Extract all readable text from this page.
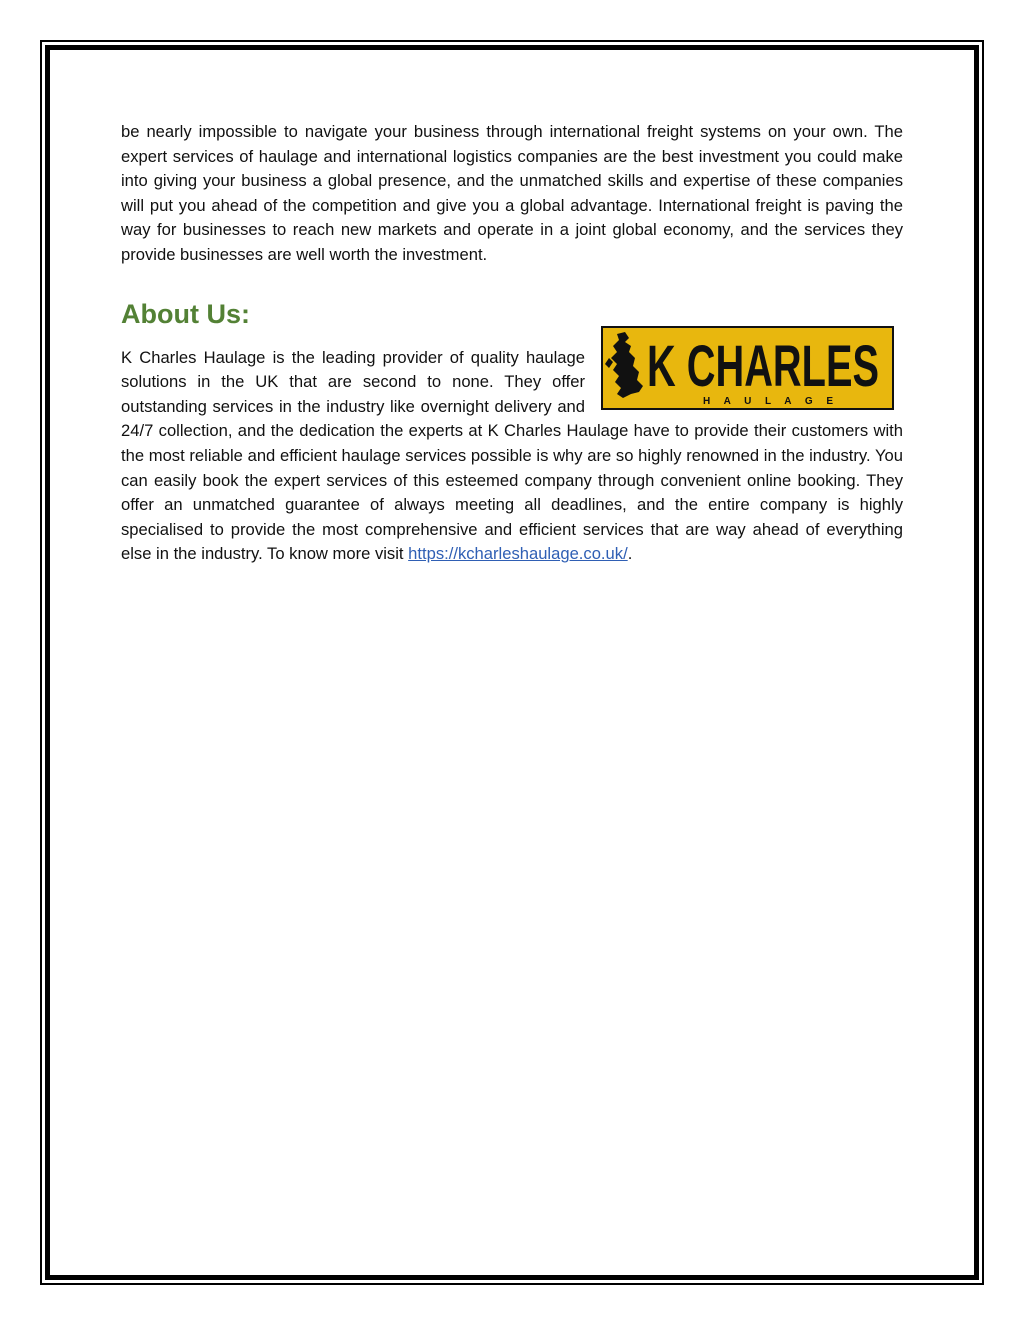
be nearly impossible to navigate your business through international freight systems on your own. The expert services of haulage and international logistics companies are the best investment you could make into giving your business a global presence, and the unmatched skills and expertise of these companies will put you ahead of the competition and give you a global advantage. International freight is paving the way for businesses to reach new markets and operate in a joint global economy, and the services they provide businesses are well worth the investment.

About Us:
K CHARLES
H A U L A G E
K Charles Haulage is the leading provider of quality haulage solutions in the UK that are second to none. They offer outstanding services in the industry like overnight delivery and 24/7 collection, and the dedication the experts at K Charles Haulage have to provide their customers with the most reliable and efficient haulage services possible is why are so highly renowned in the industry. You can easily book the expert services of this esteemed company through convenient online booking. They offer an unmatched guarantee of always meeting all deadlines, and the entire company is highly specialised to provide the most comprehensive and efficient services that are way ahead of everything else in the industry. To know more visit https://kcharleshaulage.co.uk/.
